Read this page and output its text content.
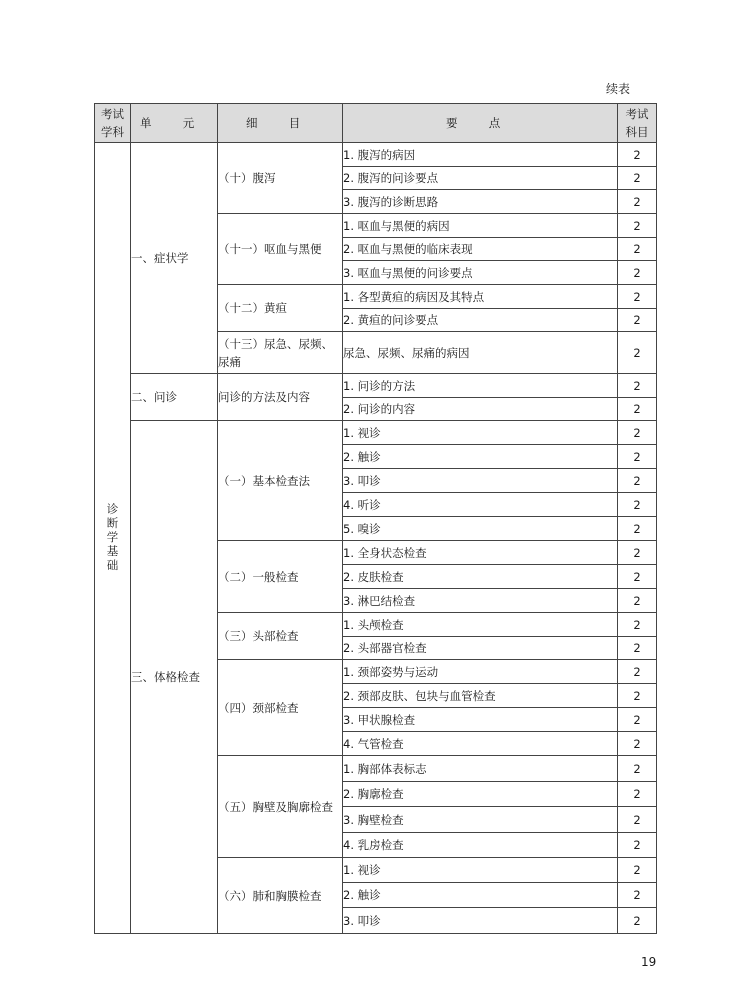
续表
考试学科	单 元	细 目	要 点	考试科目
诊断学基础	一、症状学	（十）腹泻	1. 腹泻的病因	2
			2. 腹泻的问诊要点	2
			3. 腹泻的诊断思路	2
		（十一）呕血与黑便	1. 呕血与黑便的病因	2
			2. 呕血与黑便的临床表现	2
			3. 呕血与黑便的问诊要点	2
		（十二）黄疸	1. 各型黄疸的病因及其特点	2
			2. 黄疸的问诊要点	2
		（十三）尿急、尿频、尿痛	尿急、尿频、尿痛的病因	2
	二、问诊	问诊的方法及内容	1. 问诊的方法	2
			2. 问诊的内容	2
	三、体格检查	（一）基本检查法	1. 视诊	2
			2. 触诊	2
			3. 叩诊	2
			4. 听诊	2
			5. 嗅诊	2
		（二）一般检查	1. 全身状态检查	2
			2. 皮肤检查	2
			3. 淋巴结检查	2
		（三）头部检查	1. 头颅检查	2
			2. 头部器官检查	2
		（四）颈部检查	1. 颈部姿势与运动	2
			2. 颈部皮肤、包块与血管检查	2
			3. 甲状腺检查	2
			4. 气管检查	2
		（五）胸壁及胸廓检查	1. 胸部体表标志	2
			2. 胸廓检查	2
			3. 胸壁检查	2
			4. 乳房检查	2
		（六）肺和胸膜检查	1. 视诊	2
			2. 触诊	2
			3. 叩诊	2
19
